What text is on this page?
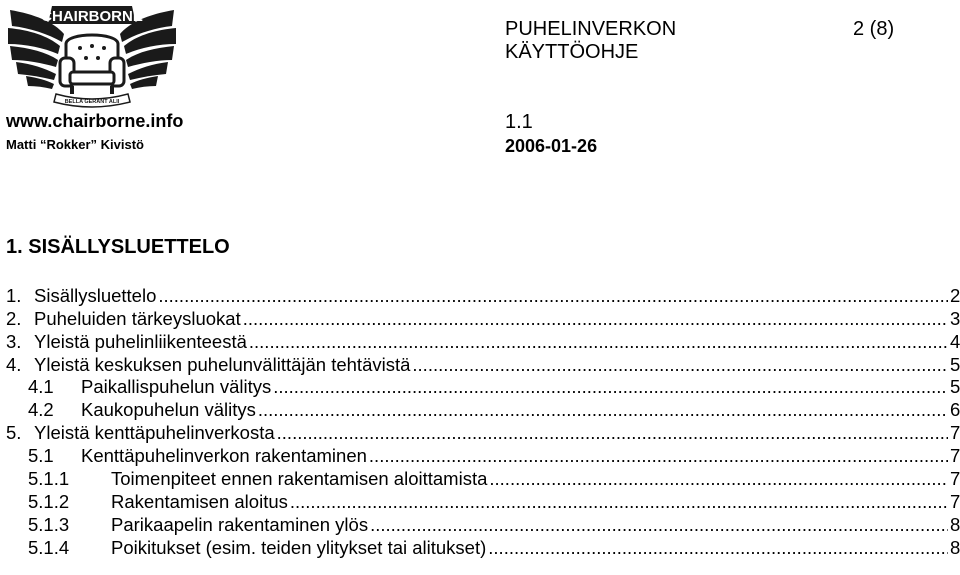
CHAIRBORNE
BELLA GERANT ALII
www.chairborne.info
Matti “Rokker” Kivistö
PUHELINVERKON
KÄYTTÖOHJE
2 (8)
1.1
2006-01-26
1. SISÄLLYSLUETTELO
1. Sisällysluettelo .....	2
2. Puheluiden tärkeysluokat .....	3
3. Yleistä puhelinliikenteestä .....	4
4. Yleistä keskuksen puhelunvälittäjän tehtävistä .....	5
4.1	Paikallispuhelun välitys .....	5
4.2	Kaukopuhelun välitys .....	6
5. Yleistä kenttäpuhelinverkosta .....	7
5.1	Kenttäpuhelinverkon rakentaminen .....	7
5.1.1	Toimenpiteet ennen rakentamisen aloittamista .....	7
5.1.2	Rakentamisen aloitus .....	7
5.1.3	Parikaapelin rakentaminen ylös .....	8
5.1.4	Poikitukset (esim. teiden ylitykset tai alitukset) .....	8
